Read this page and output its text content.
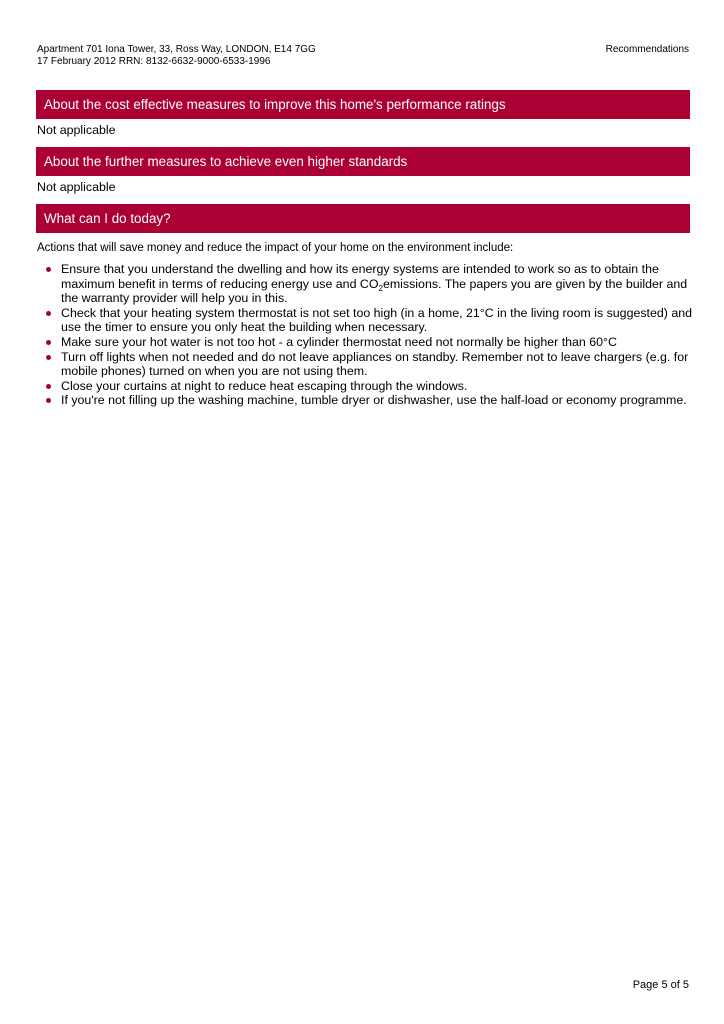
Apartment 701 Iona Tower, 33, Ross Way, LONDON, E14 7GG
17 February 2012 RRN: 8132-6632-9000-6533-1996
Recommendations
About the cost effective measures to improve this home's performance ratings
Not applicable
About the further measures to achieve even higher standards
Not applicable
What can I do today?
Actions that will save money and reduce the impact of your home on the environment include:
Ensure that you understand the dwelling and how its energy systems are intended to work so as to obtain the maximum benefit in terms of reducing energy use and $CO_2emissions$. The papers you are given by the builder and the warranty provider will help you in this.
Check that your heating system thermostat is not set too high (in a home, 21°C in the living room is suggested) and use the timer to ensure you only heat the building when necessary.
Make sure your hot water is not too hot - a cylinder thermostat need not normally be higher than 60°C
Turn off lights when not needed and do not leave appliances on standby. Remember not to leave chargers (e.g. for mobile phones) turned on when you are not using them.
Close your curtains at night to reduce heat escaping through the windows.
If you're not filling up the washing machine, tumble dryer or dishwasher, use the half-load or economy programme.
Page 5 of 5
